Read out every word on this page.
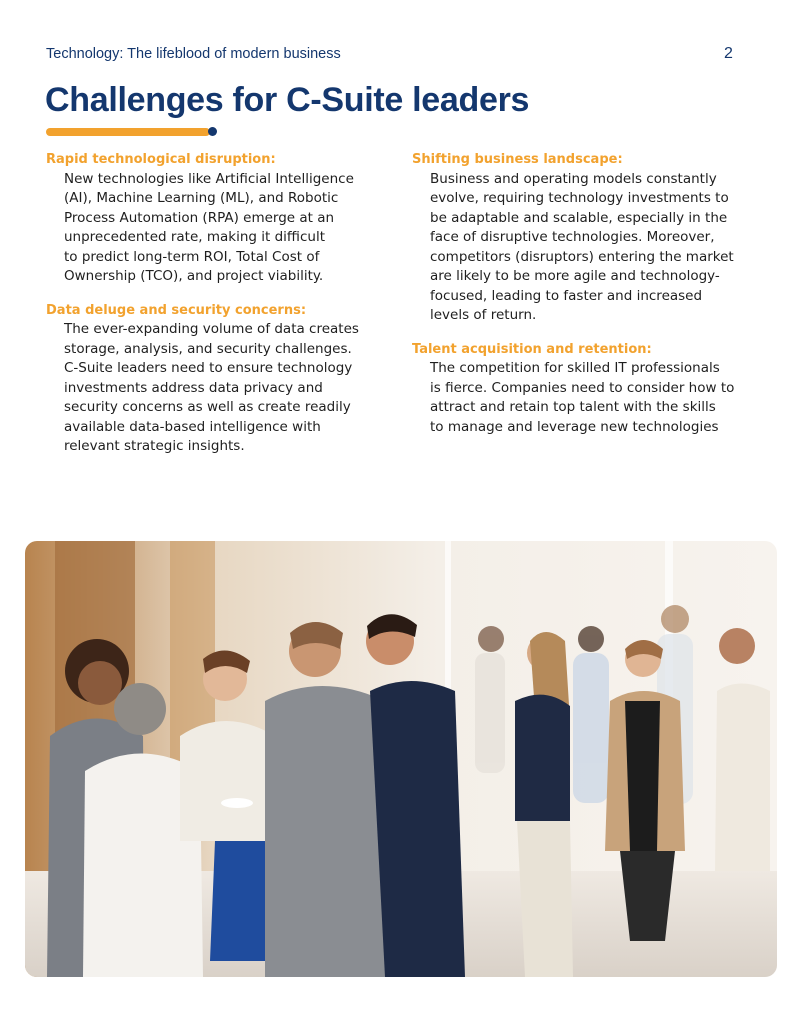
Technology: The lifeblood of modern business	2
Challenges for C-Suite leaders
Rapid technological disruption:

New technologies like Artificial Intelligence
(AI), Machine Learning (ML), and Robotic
Process Automation (RPA) emerge at an
unprecedented rate, making it difficult
to predict long-term ROI, Total Cost of
Ownership (TCO), and project viability.

Data deluge and security concerns:

The ever-expanding volume of data creates
storage, analysis, and security challenges.
C-Suite leaders need to ensure technology
investments address data privacy and
security concerns as well as create readily
available data-based intelligence with
relevant strategic insights.

Shifting business landscape:

Business and operating models constantly
evolve, requiring technology investments to
be adaptable and scalable, especially in the
face of disruptive technologies. Moreover,
competitors (disruptors) entering the market
are likely to be more agile and technology-
focused, leading to faster and increased
levels of return.

Talent acquisition and retention:

The competition for skilled IT professionals
is fierce. Companies need to consider how to
attract and retain top talent with the skills
to manage and leverage new technologies
